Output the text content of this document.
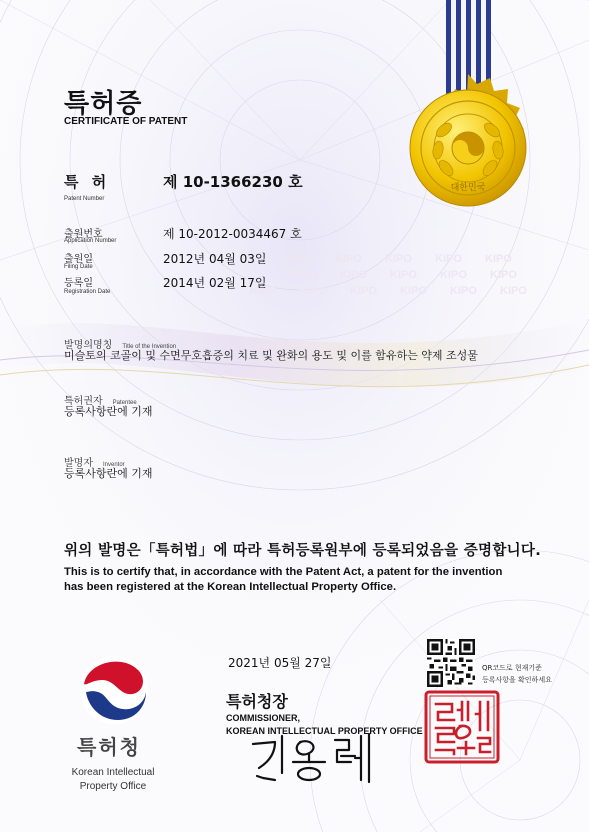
KIPO KIPO KIPO KIPO KIPO
KIPO KIPO KIPO KIPO KIPO
KIPO KIPO KIPO KIPO KIPO KIPO
대한민국
특허증
CERTIFICATE OF PATENT
특 허
Patent Number
제 10-1366230 호
출원번호
Application Number	제 10-2012-0034467 호
출원일
Filing Date
2012년 04월 03일
등록일
Registration Date
2014년 02월 17일
발명의명칭 Title of the Invention
미슬토의 코골이 및 수면무호흡증의 치료 및 완화의 용도 및 이를 함유하는 약제 조성물
특허권자 Patentee
등록사항란에 기재
발명자 Inventor
등록사항란에 기재
위의 발명은「특허법」에 따라 특허등록원부에 등록되었음을 증명합니다.
This is to certify that, in accordance with the Patent Act, a patent for the invention
has been registered at the Korean Intellectual Property Office.
2021년 05월 27일	QR코드로 현재기준
등록사항을 확인하세요
특허청장
COMMISSIONER,
KOREAN INTELLECTUAL PROPERTY OFFICE
특허청
Korean Intellectual
Property Office
